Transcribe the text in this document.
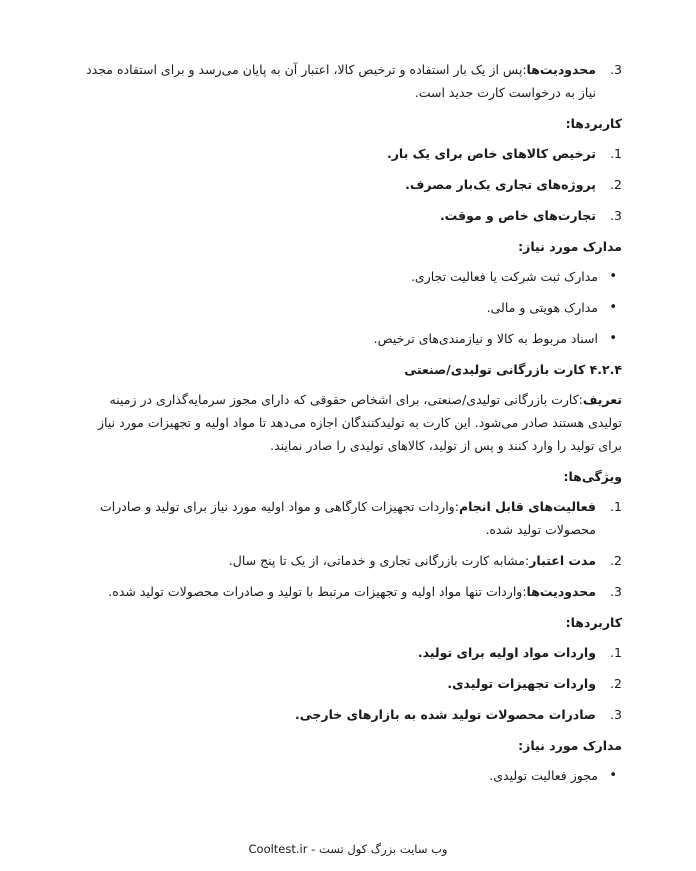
3.
محدودیت‌ها:پس از یک بار استفاده و ترخیص کالا، اعتبار آن به پایان می‌رسد و برای استفاده مجدد نیاز به درخواست کارت جدید است.

کاربردها:

1.
ترخیص کالاهای خاص برای یک بار.
2.
پروژه‌های تجاری یک‌بار مصرف.
3.
تجارت‌های خاص و موقت.

مدارک مورد نیاز:

•
مدارک ثبت شرکت یا فعالیت تجاری.
•
مدارک هویتی و مالی.
•
اسناد مربوط به کالا و نیازمندی‌های ترخیص.

۴.۲.۴ کارت بازرگانی تولیدی/صنعتی

تعریف:کارت بازرگانی تولیدی/صنعتی، برای اشخاص حقوقی که دارای مجوز سرمایه‌گذاری در زمینه تولیدی هستند صادر می‌شود. این کارت به تولیدکنندگان اجازه می‌دهد تا مواد اولیه و تجهیزات مورد نیاز برای تولید را وارد کنند و پس از تولید، کالاهای تولیدی را صادر نمایند.

ویژگی‌ها:

1.
فعالیت‌های قابل انجام:واردات تجهیزات کارگاهی و مواد اولیه مورد نیاز برای تولید و صادرات محصولات تولید شده.
2.
مدت اعتبار:مشابه کارت بازرگانی تجاری و خدماتی، از یک تا پنج سال.
3.
محدودیت‌ها:واردات تنها مواد اولیه و تجهیزات مرتبط با تولید و صادرات محصولات تولید شده.

کاربردها:

1.
واردات مواد اولیه برای تولید.
2.
واردات تجهیزات تولیدی.
3.
صادرات محصولات تولید شده به بازارهای خارجی.

مدارک مورد نیاز:

•
مجوز فعالیت تولیدی.
Cooltest.ir - وب سایت بزرگ کول تست
